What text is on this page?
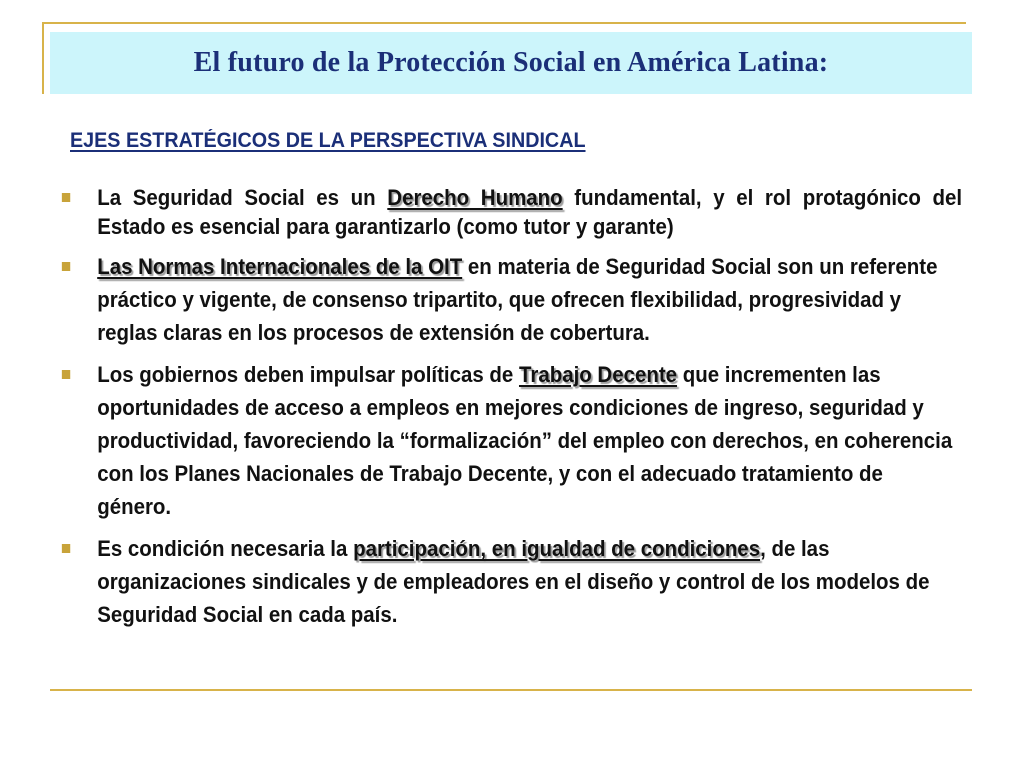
El futuro de la Protección Social en América Latina:
EJES ESTRATÉGICOS DE LA PERSPECTIVA SINDICAL
La Seguridad Social es un Derecho Humano fundamental, y el rol protagónico del Estado es esencial para garantizarlo (como tutor y garante)
Las Normas Internacionales de la OIT en materia de Seguridad Social son un referente práctico y vigente, de consenso tripartito, que ofrecen flexibilidad, progresividad y reglas claras en los procesos de extensión de cobertura.
Los gobiernos deben impulsar políticas de Trabajo Decente que incrementen las oportunidades de acceso a empleos en mejores condiciones de ingreso, seguridad y productividad, favoreciendo la “formalización” del empleo con derechos, en coherencia con los Planes Nacionales de Trabajo Decente, y con el adecuado tratamiento de género.
Es condición necesaria la participación, en igualdad de condiciones, de las organizaciones sindicales y de empleadores en el diseño y control de los modelos de Seguridad Social en cada país.
